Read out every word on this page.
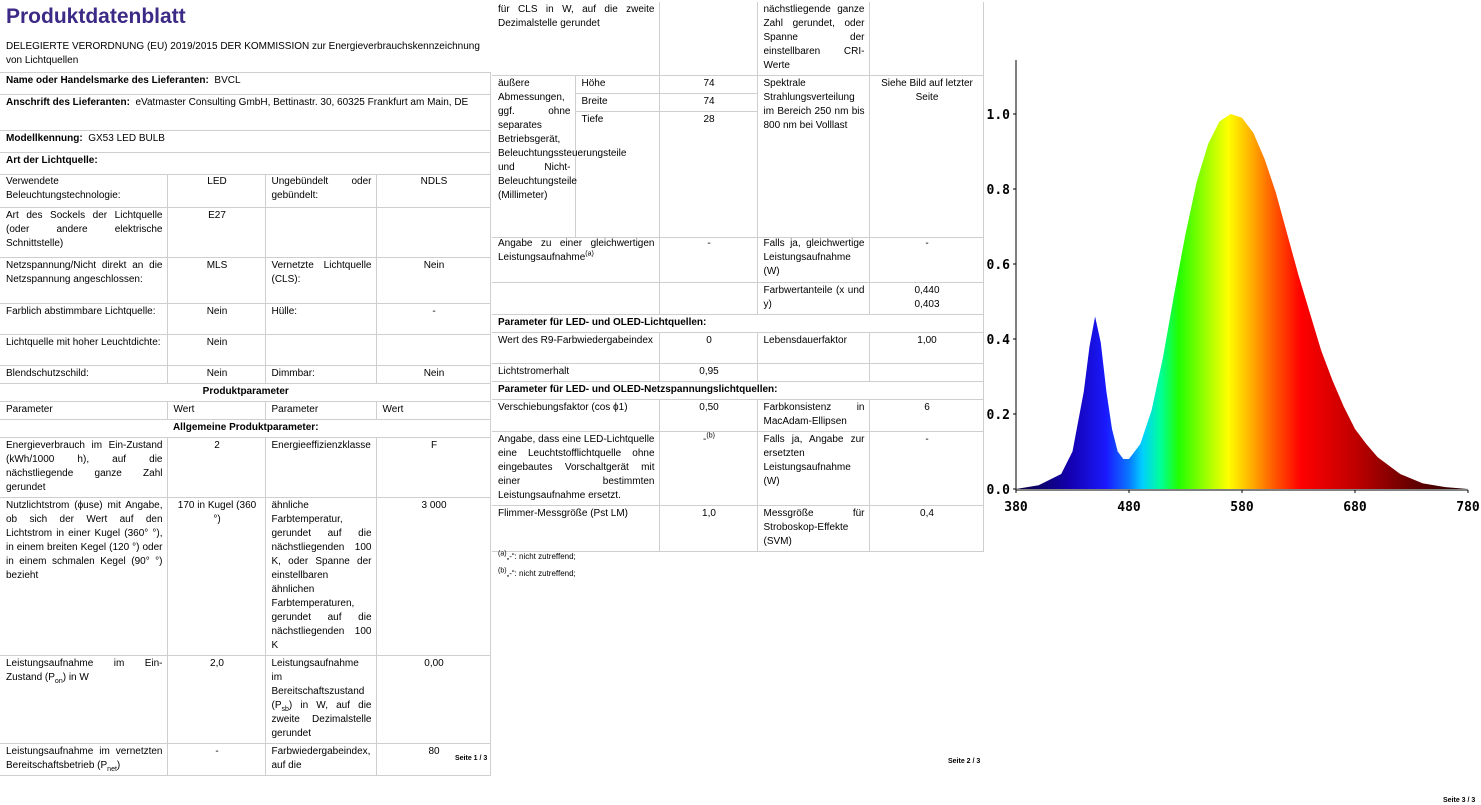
Produktdatenblatt
DELEGIERTE VERORDNUNG (EU) 2019/2015 DER KOMMISSION zur Energieverbrauchskennzeichnung von Lichtquellen
Name oder Handelsmarke des Lieferanten: BVCL
Anschrift des Lieferanten: eVatmaster Consulting GmbH, Bettinastr. 30, 60325 Frankfurt am Main, DE
Modellkennung: GX53 LED BULB
Art der Lichtquelle:
Verwendete Beleuchtungstechnologie:	LED	Ungebündelt oder gebündelt:	NDLS
Art des Sockels der Lichtquelle (oder andere elektrische Schnittstelle)	E27		
Netzspannung/Nicht direkt an die Netzspannung angeschlossen:	MLS	Vernetzte Lichtquelle (CLS):	Nein
Farblich abstimmbare Lichtquelle:	Nein	Hülle:	-
Lichtquelle mit hoher Leuchtdichte:	Nein		
Blendschutzschild:	Nein	Dimmbar:	Nein
Produktparameter			
Parameter	Wert	Parameter	Wert
Allgemeine Produktparameter:			
Energieverbrauch im Ein-Zustand (kWh/1000 h), auf die nächstliegende ganze Zahl gerundet	2	Energieeffizienzklasse	F
Nutzlichtstrom (ϕuse) mit Angabe, ob sich der Wert auf den Lichtstrom in einer Kugel (360° °), in einem breiten Kegel (120 °) oder in einem schmalen Kegel (90° °) bezieht	170 in Kugel (360 °)	ähnliche Farbtemperatur, gerundet auf die nächstliegenden 100 K, oder Spanne der einstellbaren ähnlichen Farbtemperaturen, gerundet auf die nächstliegenden 100 K	3 000
Leistungsaufnahme im Ein-Zustand $(P_{on})$ in W	2,0	Leistungsaufnahme im Bereitschaftszustand $(P_{sb})$ in W, auf die zweite Dezimalstelle gerundet	0,00
Leistungsaufnahme im vernetzten Bereitschaftsbetrieb $(P_{net})$	-	Farbwiedergabeindex, auf die	80
Seite 1 / 3
für CLS in W, auf die zweite Dezimalstelle gerundet		nächstliegende ganze Zahl gerundet, oder Spanne der einstellbaren CRI-Werte	
äußere Abmessungen, ggf. ohne separates Betriebsgerät, Beleuchtungssteuerungsteile und Nicht-Beleuchtungsteile (Millimeter)	Höhe	74	Spektrale Strahlungsverteilung im Bereich 250 nm bis 800 nm bei Volllast	Siehe Bild auf letzter Seite
	Breite	74		
	Tiefe	28		
Angabe zu einer gleichwertigen Leistungsaufnahme$^{(a)}$	-	Falls ja, gleichwertige Leistungsaufnahme (W)	-
		Farbwertanteile (x und y)	0,440
0,403
Parameter für LED- und OLED-Lichtquellen:			
Wert des R9-Farbwiedergabeindex	0	Lebensdauerfaktor	1,00
Lichtstromerhalt	0,95		
Parameter für LED- und OLED-Netzspannungslichtquellen:			
Verschiebungsfaktor (cos ϕ1)	0,50	Farbkonsistenz in MacAdam-Ellipsen	6
Angabe, dass eine LED-Lichtquelle eine Leuchtstofflichtquelle ohne eingebautes Vorschaltgerät mit einer bestimmten Leistungsaufnahme ersetzt.	-$^{(b)}$	Falls ja, Angabe zur ersetzten Leistungsaufnahme (W)	-
Flimmer-Messgröße (Pst LM)	1,0	Messgröße für Stroboskop-Effekte (SVM)	0,4
$^{(a)}$„-“: nicht zutreffend;
$^{(b)}$„-“: nicht zutreffend;
Seite 2 / 3
0.0
0.2
0.4
0.6
0.8
1.0
380	480	580	680	780
Seite 3 / 3
